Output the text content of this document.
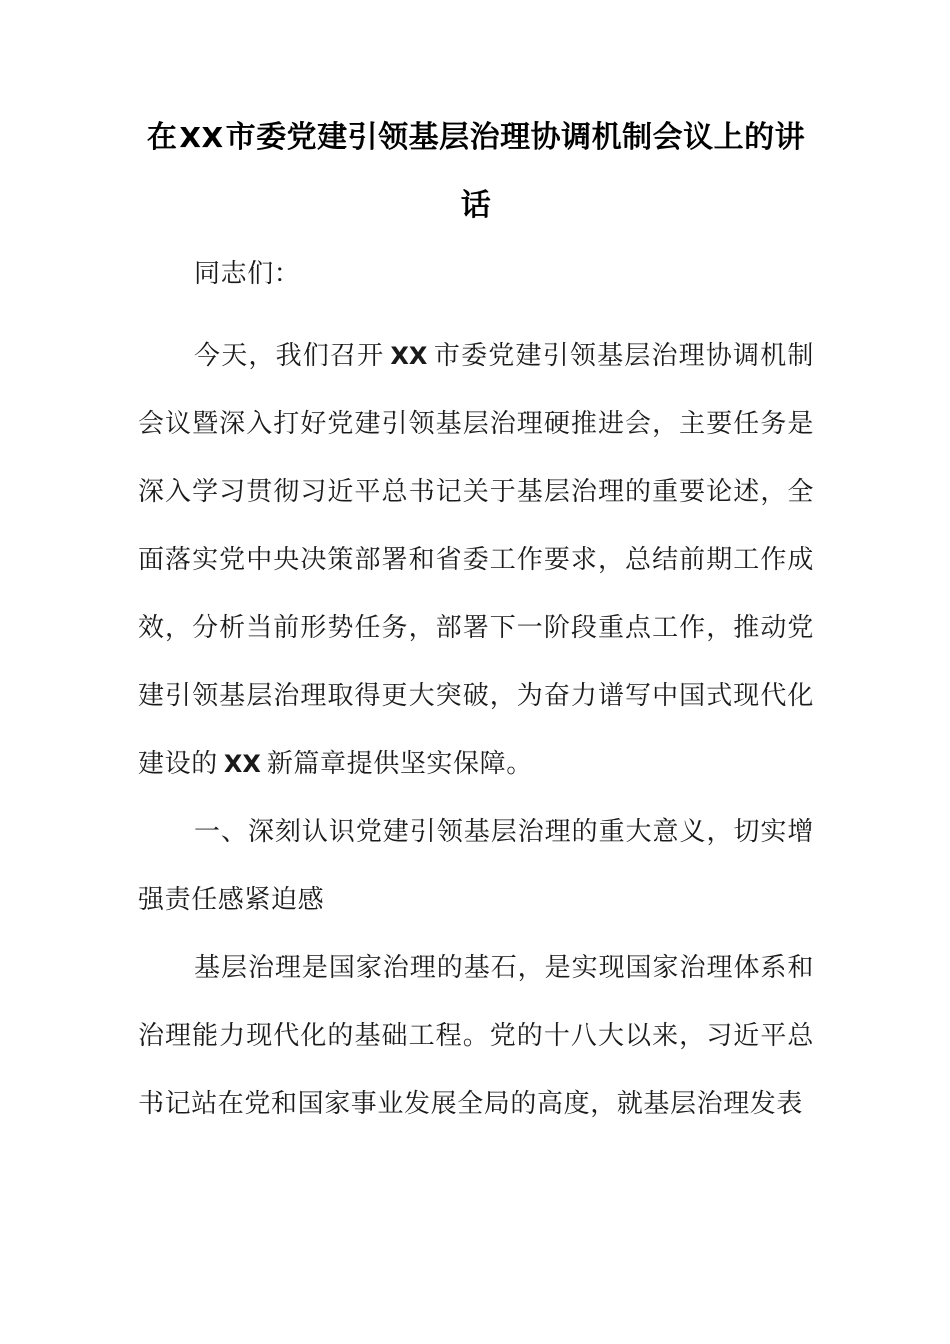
在XX市委党建引领基层治理协调机制会议上的讲话

同志们：

今天，我们召开 XX 市委党建引领基层治理协调机制会议暨深入打好党建引领基层治理硬推进会，主要任务是深入学习贯彻习近平总书记关于基层治理的重要论述，全面落实党中央决策部署和省委工作要求，总结前期工作成效，分析当前形势任务，部署下一阶段重点工作，推动党建引领基层治理取得更大突破，为奋力谱写中国式现代化建设的 XX 新篇章提供坚实保障。

一、深刻认识党建引领基层治理的重大意义，切实增强责任感紧迫感

基层治理是国家治理的基石，是实现国家治理体系和治理能力现代化的基础工程。党的十八大以来，习近平总书记站在党和国家事业发展全局的高度，就基层治理发表
